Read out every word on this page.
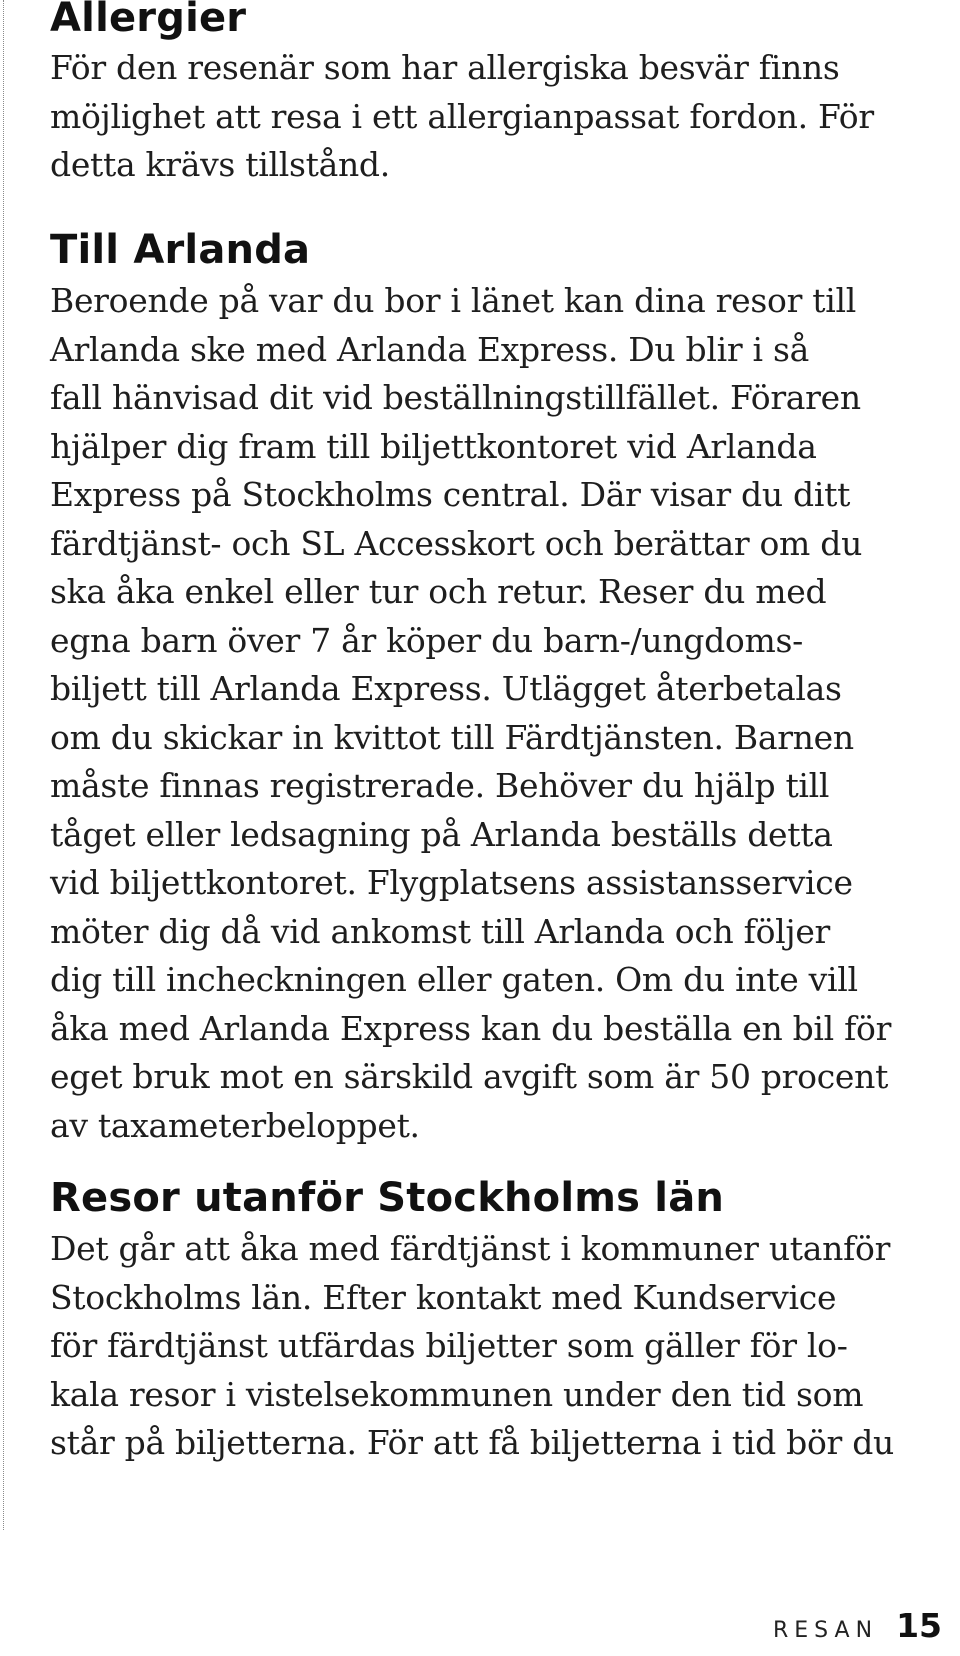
Allergier

För den resenär som har allergiska besvär finns
möjlighet att resa i ett allergianpassat fordon. För
detta krävs tillstånd.

Till Arlanda

Beroende på var du bor i länet kan dina resor till
Arlanda ske med Arlanda Express. Du blir i så
fall hänvisad dit vid beställningstillfället. Föraren
hjälper dig fram till biljettkontoret vid Arlanda
Express på Stockholms central. Där visar du ditt
färdtjänst- och SL Accesskort och berättar om du
ska åka enkel eller tur och retur. Reser du med
egna barn över 7 år köper du barn-/ungdoms-
biljett till Arlanda Express. Utlägget återbetalas
om du skickar in kvittot till Färdtjänsten. Barnen
måste finnas registrerade. Behöver du hjälp till
tåget eller ledsagning på Arlanda beställs detta
vid biljettkontoret. Flygplatsens assistansservice
möter dig då vid ankomst till Arlanda och följer
dig till incheckningen eller gaten. Om du inte vill
åka med Arlanda Express kan du beställa en bil för
eget bruk mot en särskild avgift som är 50 procent
av taxameterbeloppet.

Resor utanför Stockholms län

Det går att åka med färdtjänst i kommuner utanför
Stockholms län. Efter kontakt med Kundservice
för färdtjänst utfärdas biljetter som gäller för lo-
kala resor i vistelsekommunen under den tid som
står på biljetterna. För att få biljetterna i tid bör du

RESAN 15
